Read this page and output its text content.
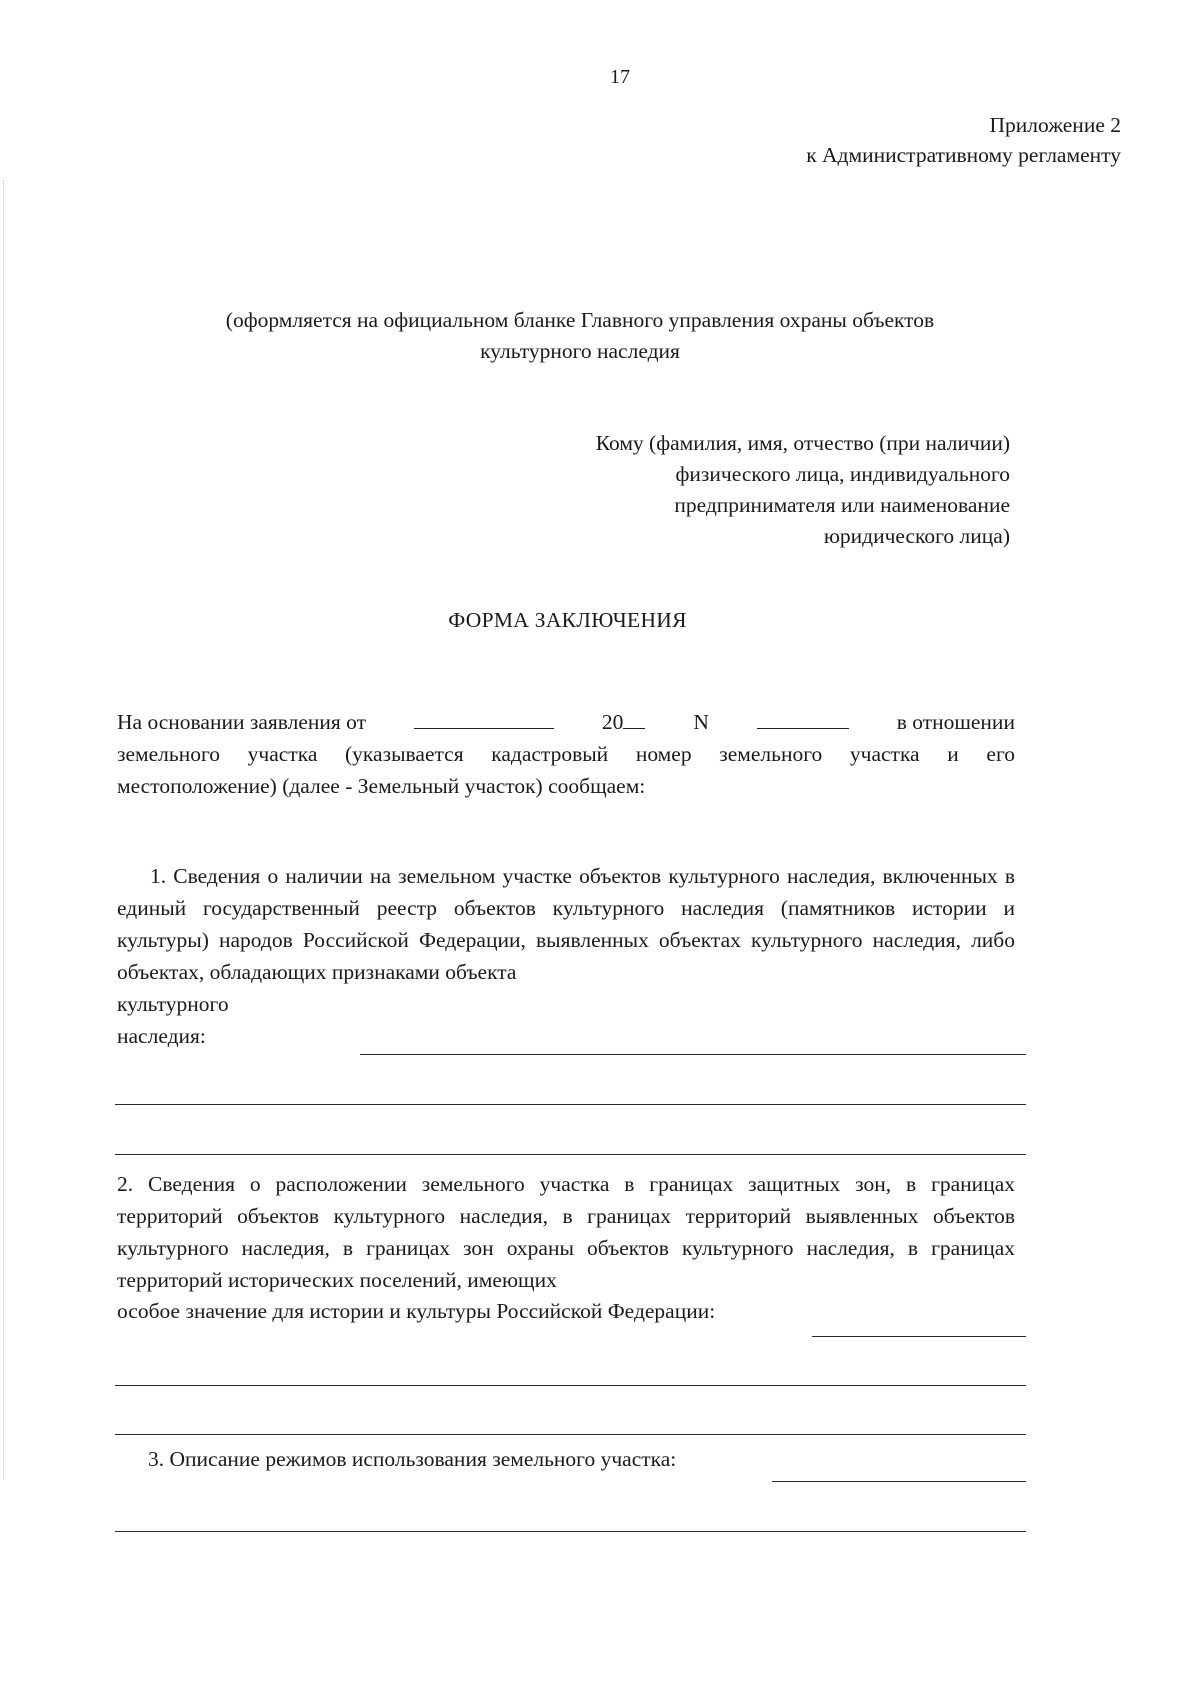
17
Приложение 2
к Административному регламенту
(оформляется на официальном бланке Главного управления охраны объектов
культурного наследия
Кому (фамилия, имя, отчество (при наличии)
физического лица, индивидуального
предпринимателя или наименование
юридического лица)
ФОРМА ЗАКЛЮЧЕНИЯ
На основании заявления от	20	N	в отношении
земельного участка (указывается кадастровый номер земельного участка и его
местоположение) (далее - Земельный участок) сообщаем:
1. Сведения о наличии на земельном участке объектов культурного наследия, включенных в единый государственный реестр объектов культурного наследия (памятников истории и культуры) народов Российской Федерации, выявленных объектах культурного наследия, либо объектах, обладающих признаками объекта
культурного
наследия:
2. Сведения о расположении земельного участка в границах защитных зон, в границах территорий объектов культурного наследия, в границах территорий выявленных объектов культурного наследия, в границах зон охраны объектов культурного наследия, в границах территорий исторических поселений, имеющих
особое значение для истории и культуры Российской Федерации:
3. Описание режимов использования земельного участка:
